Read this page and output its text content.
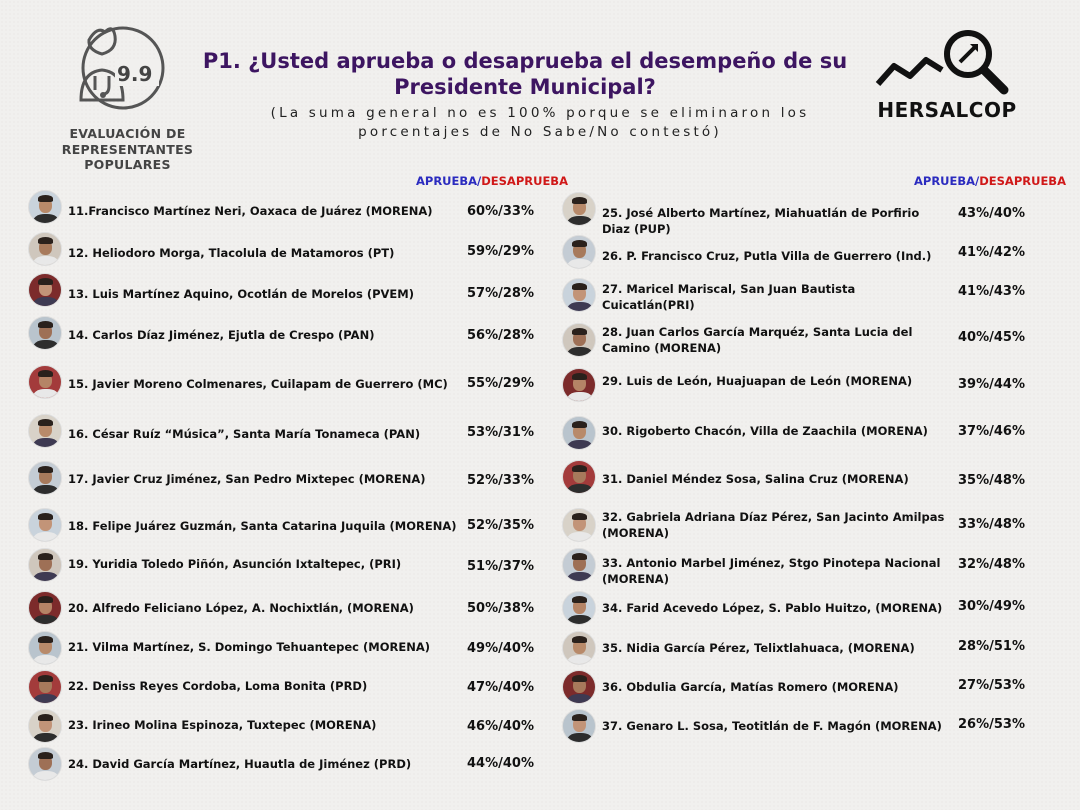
9.9
EVALUACIÓN DE
REPRESENTANTES POPULARES
P1. ¿Usted aprueba o desaprueba el desempeño de su Presidente Municipal?
(La suma general no es 100% porque se eliminaron los porcentajes de No Sabe/No contestó)
HERSALCOP
APRUEBA/DESAPRUEBA	APRUEBA/DESAPRUEBA
11.Francisco Martínez Neri, Oaxaca de Juárez (MORENA)	60%/33%
12. Heliodoro Morga, Tlacolula de Matamoros (PT)	59%/29%
13. Luis Martínez Aquino, Ocotlán de Morelos (PVEM)	57%/28%
14. Carlos Díaz Jiménez, Ejutla de Crespo (PAN)	56%/28%
15. Javier Moreno Colmenares, Cuilapam de Guerrero (MC)	55%/29%
16. César Ruíz “Música”, Santa María Tonameca (PAN)	53%/31%
17. Javier Cruz Jiménez, San Pedro Mixtepec (MORENA)	52%/33%
18. Felipe Juárez Guzmán, Santa Catarina Juquila (MORENA) 52%/35%
19. Yuridia Toledo Piñón, Asunción Ixtaltepec, (PRI)	51%/37%
20. Alfredo Feliciano López, A. Nochixtlán, (MORENA)	50%/38%
21. Vilma Martínez, S. Domingo Tehuantepec (MORENA)	49%/40%
22. Deniss Reyes Cordoba, Loma Bonita (PRD)	47%/40%
23. Irineo Molina Espinoza, Tuxtepec (MORENA)	46%/40%
24. David García Martínez, Huautla de Jiménez (PRD)	44%/40%
25. José Alberto Martínez, Miahuatlán de Porfirio Diaz (PUP)
43%/40%
26. P. Francisco Cruz, Putla Villa de Guerrero (Ind.)	41%/42%
27. Maricel Mariscal, San Juan Bautista Cuicatlán(PRI)
41%/43%
28. Juan Carlos García Marquéz, Santa Lucia del Camino (MORENA)
40%/45%
29. Luis de León, Huajuapan de León (MORENA)	39%/44%
30. Rigoberto Chacón, Villa de Zaachila (MORENA)	37%/46%
31. Daniel Méndez Sosa, Salina Cruz (MORENA)	35%/48%
32. Gabriela Adriana Díaz Pérez, San Jacinto Amilpas (MORENA)
33%/48%
33. Antonio Marbel Jiménez, Stgo Pinotepa Nacional (MORENA)
32%/48%
34. Farid Acevedo López, S. Pablo Huitzo, (MORENA)	30%/49%
35. Nidia García Pérez, Telixtlahuaca, (MORENA)	28%/51%
36. Obdulia García, Matías Romero (MORENA)	27%/53%
37. Genaro L. Sosa, Teotitlán de F. Magón (MORENA)	26%/53%
